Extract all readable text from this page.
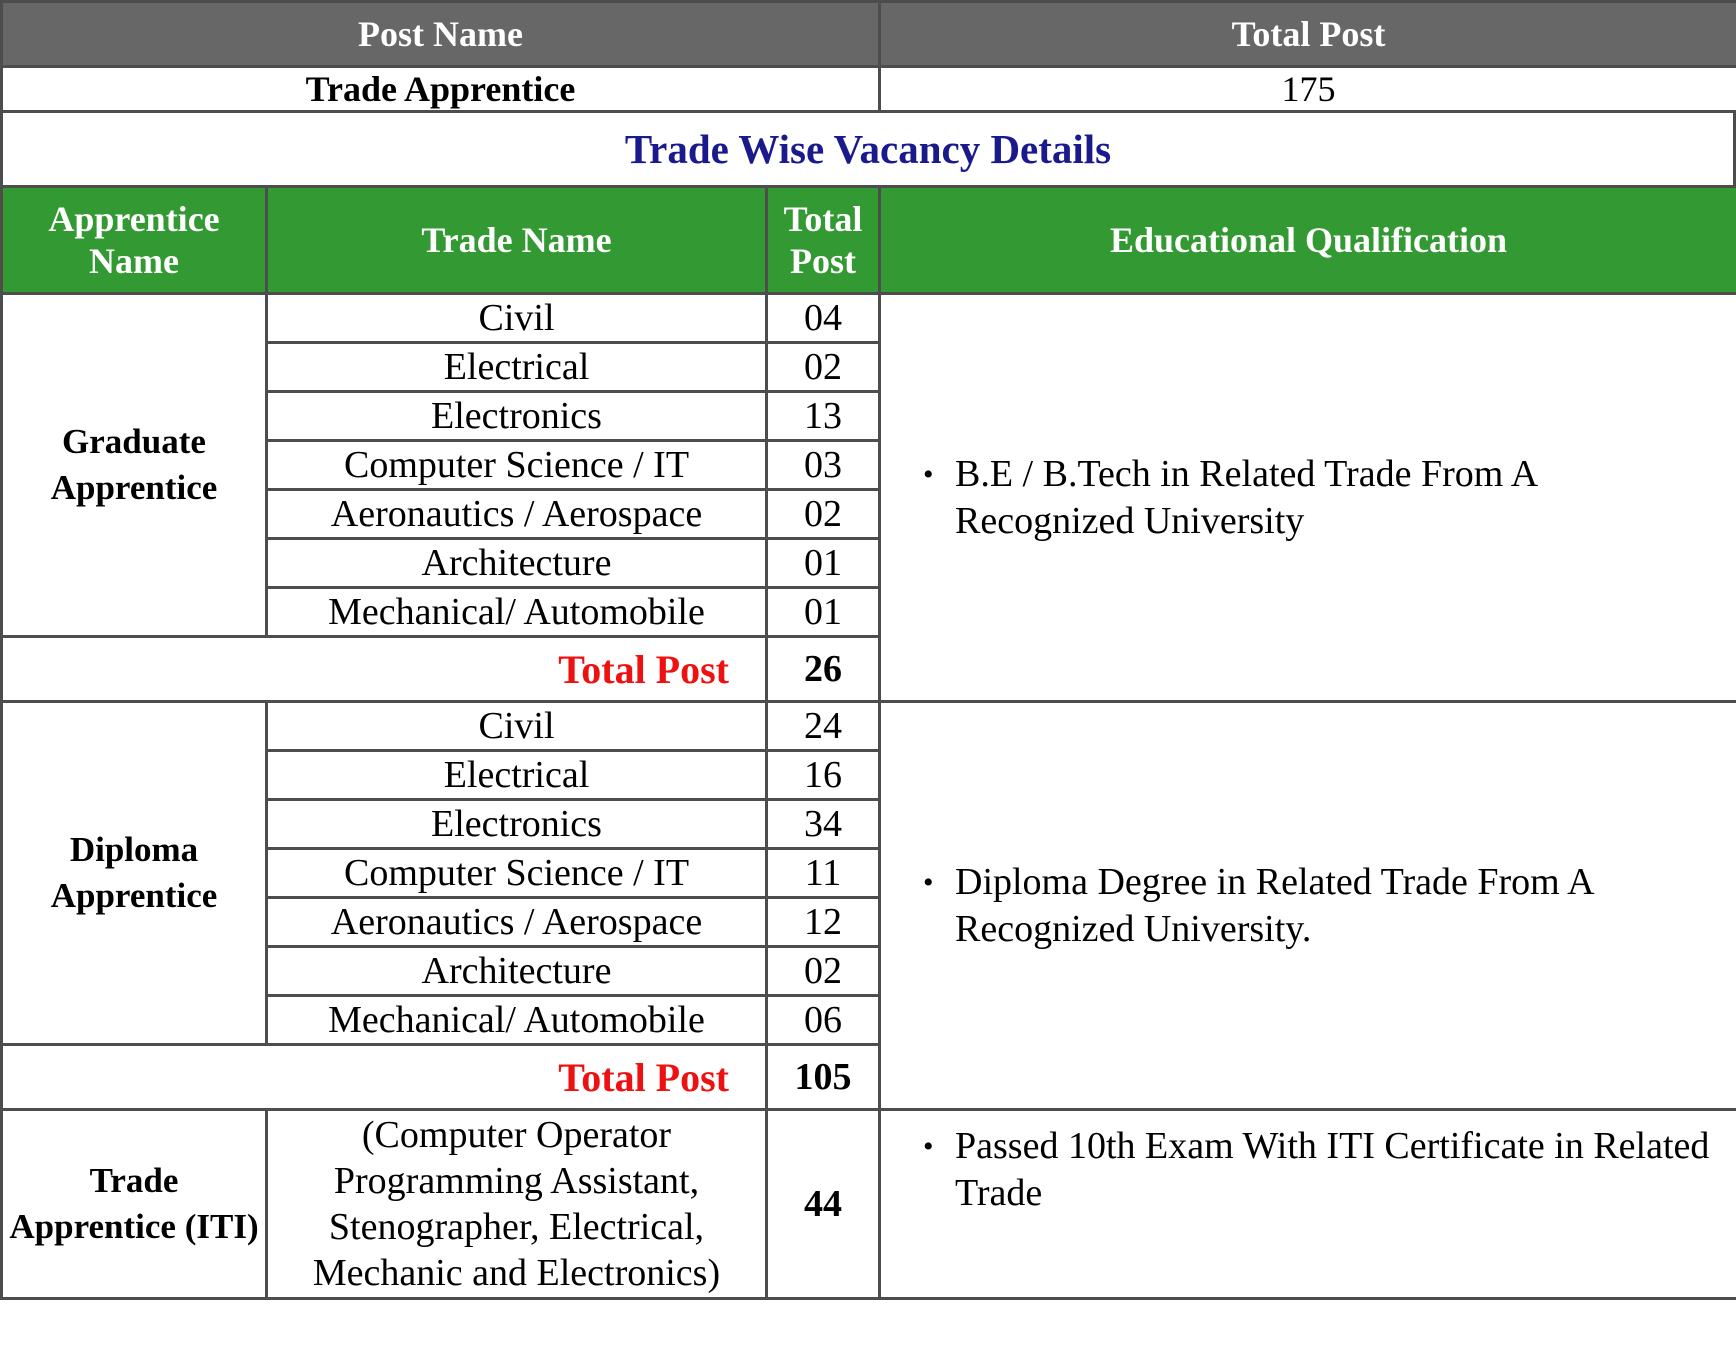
Post Name	Total Post
Trade Apprentice	175
Trade Wise Vacancy Details
Apprentice Name	Trade Name	Total Post	Educational Qualification
Graduate Apprentice	Civil	04	• B.E / B.Tech in Related Trade From A Recognized University

	Electrical	02	
	Electronics	13	
	Computer Science / IT	03	
	Aeronautics / Aerospace	02	
	Architecture	01	
	Mechanical/ Automobile	01	
Total Post		26	
Diploma Apprentice	Civil	24	• Diploma Degree in Related Trade From A Recognized University.

	Electrical	16	
	Electronics	34	
	Computer Science / IT	11	
	Aeronautics / Aerospace	12	
	Architecture	02	
	Mechanical/ Automobile	06	
Total Post		105	
Trade Apprentice (ITI)	(Computer Operator Programming Assistant, Stenographer, Electrical, Mechanic and Electronics)	44	• Passed 10th Exam With ITI Certificate in Related Trade
